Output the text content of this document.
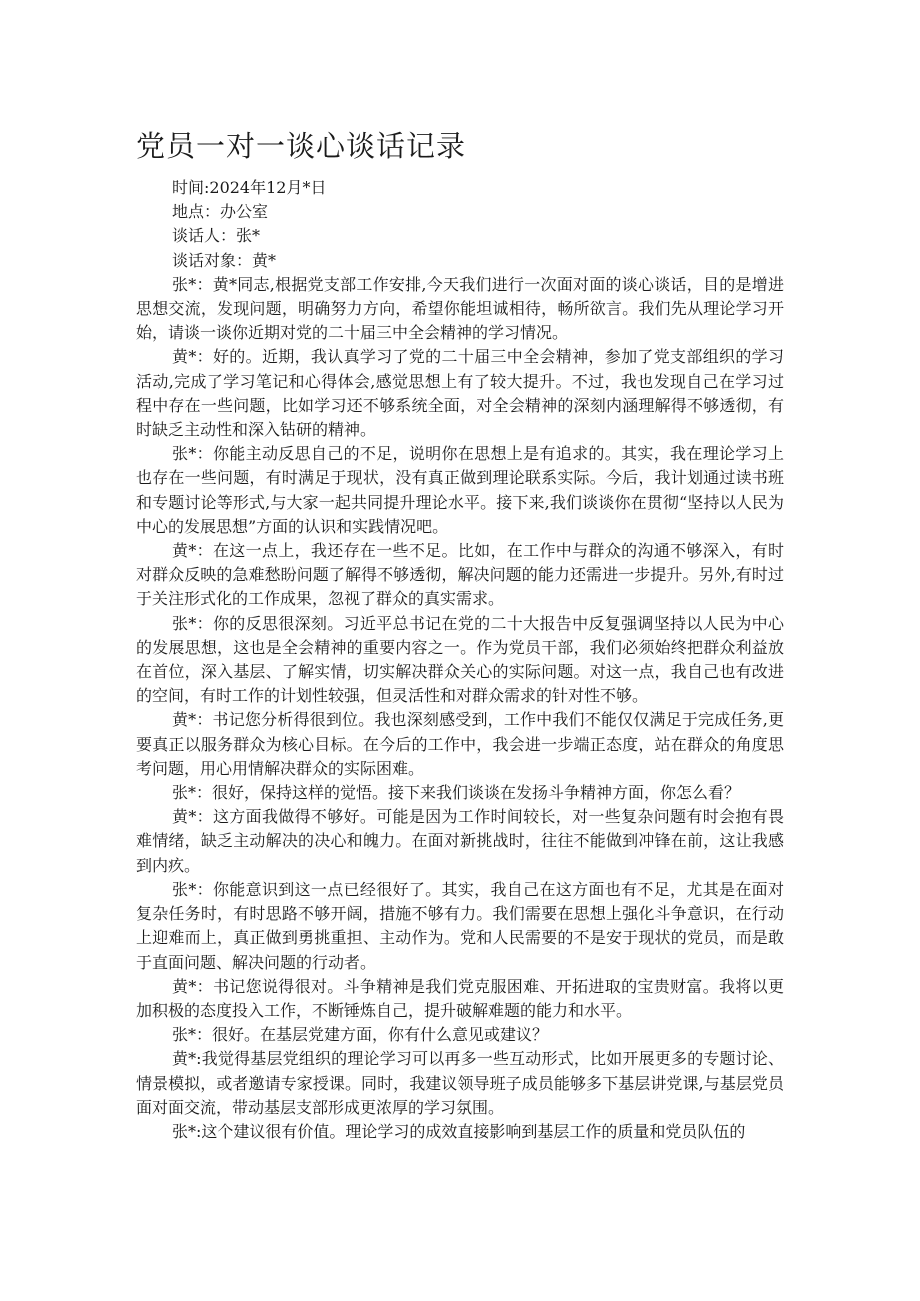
党员一对一谈心谈话记录

时间:2024年12月*日

地点：办公室

谈话人：张*

谈话对象：黄*

张*：黄*同志,根据党支部工作安排,今天我们进行一次面对面的谈心谈话，目的是增进思想交流，发现问题，明确努力方向，希望你能坦诚相待，畅所欲言。我们先从理论学习开始，请谈一谈你近期对党的二十届三中全会精神的学习情况。

黄*：好的。近期，我认真学习了党的二十届三中全会精神，参加了党支部组织的学习活动,完成了学习笔记和心得体会,感觉思想上有了较大提升。不过，我也发现自己在学习过程中存在一些问题，比如学习还不够系统全面，对全会精神的深刻内涵理解得不够透彻，有时缺乏主动性和深入钻研的精神。

张*：你能主动反思自己的不足，说明你在思想上是有追求的。其实，我在理论学习上也存在一些问题，有时满足于现状，没有真正做到理论联系实际。今后，我计划通过读书班和专题讨论等形式,与大家一起共同提升理论水平。接下来,我们谈谈你在贯彻“坚持以人民为中心的发展思想”方面的认识和实践情况吧。

黄*：在这一点上，我还存在一些不足。比如，在工作中与群众的沟通不够深入，有时对群众反映的急难愁盼问题了解得不够透彻，解决问题的能力还需进一步提升。另外,有时过于关注形式化的工作成果，忽视了群众的真实需求。

张*：你的反思很深刻。习近平总书记在党的二十大报告中反复强调坚持以人民为中心的发展思想，这也是全会精神的重要内容之一。作为党员干部，我们必须始终把群众利益放在首位，深入基层、了解实情，切实解决群众关心的实际问题。对这一点，我自己也有改进的空间，有时工作的计划性较强，但灵活性和对群众需求的针对性不够。

黄*：书记您分析得很到位。我也深刻感受到，工作中我们不能仅仅满足于完成任务,更要真正以服务群众为核心目标。在今后的工作中，我会进一步端正态度，站在群众的角度思考问题，用心用情解决群众的实际困难。

张*：很好，保持这样的觉悟。接下来我们谈谈在发扬斗争精神方面，你怎么看？

黄*：这方面我做得不够好。可能是因为工作时间较长，对一些复杂问题有时会抱有畏难情绪，缺乏主动解决的决心和魄力。在面对新挑战时，往往不能做到冲锋在前，这让我感到内疚。

张*：你能意识到这一点已经很好了。其实，我自己在这方面也有不足，尤其是在面对复杂任务时，有时思路不够开阔，措施不够有力。我们需要在思想上强化斗争意识，在行动上迎难而上，真正做到勇挑重担、主动作为。党和人民需要的不是安于现状的党员，而是敢于直面问题、解决问题的行动者。

黄*：书记您说得很对。斗争精神是我们党克服困难、开拓进取的宝贵财富。我将以更加积极的态度投入工作，不断锤炼自己，提升破解难题的能力和水平。

张*：很好。在基层党建方面，你有什么意见或建议？

黄*:我觉得基层党组织的理论学习可以再多一些互动形式，比如开展更多的专题讨论、情景模拟，或者邀请专家授课。同时，我建议领导班子成员能够多下基层讲党课,与基层党员面对面交流，带动基层支部形成更浓厚的学习氛围。

张*:这个建议很有价值。理论学习的成效直接影响到基层工作的质量和党员队伍的
